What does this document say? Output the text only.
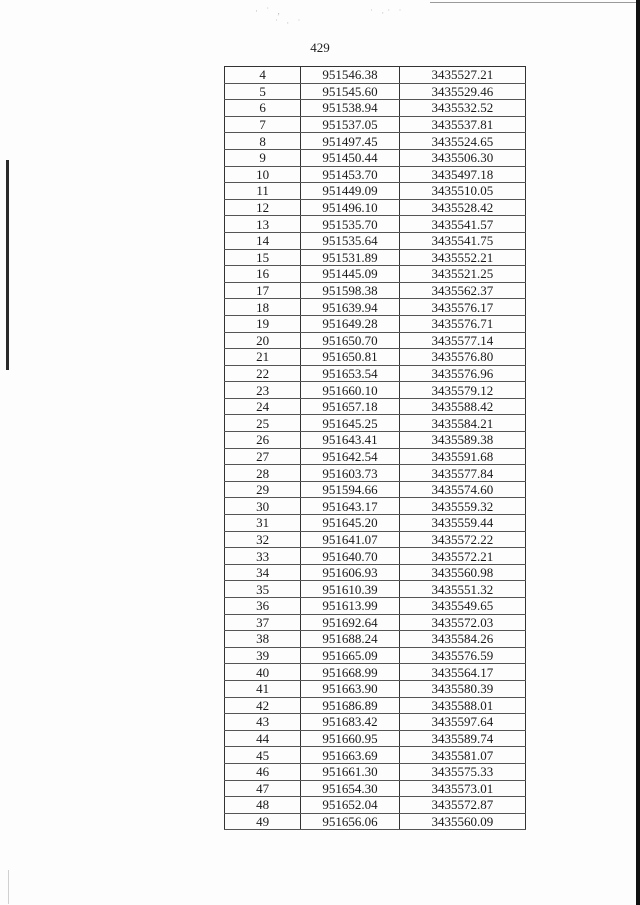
· ˙ ,
˙ · ˙
˙ ·˙ ˙
429
4	951546.38	3435527.21
5	951545.60	3435529.46
6	951538.94	3435532.52
7	951537.05	3435537.81
8	951497.45	3435524.65
9	951450.44	3435506.30
10	951453.70	3435497.18
11	951449.09	3435510.05
12	951496.10	3435528.42
13	951535.70	3435541.57
14	951535.64	3435541.75
15	951531.89	3435552.21
16	951445.09	3435521.25
17	951598.38	3435562.37
18	951639.94	3435576.17
19	951649.28	3435576.71
20	951650.70	3435577.14
21	951650.81	3435576.80
22	951653.54	3435576.96
23	951660.10	3435579.12
24	951657.18	3435588.42
25	951645.25	3435584.21
26	951643.41	3435589.38
27	951642.54	3435591.68
28	951603.73	3435577.84
29	951594.66	3435574.60
30	951643.17	3435559.32
31	951645.20	3435559.44
32	951641.07	3435572.22
33	951640.70	3435572.21
34	951606.93	3435560.98
35	951610.39	3435551.32
36	951613.99	3435549.65
37	951692.64	3435572.03
38	951688.24	3435584.26
39	951665.09	3435576.59
40	951668.99	3435564.17
41	951663.90	3435580.39
42	951686.89	3435588.01
43	951683.42	3435597.64
44	951660.95	3435589.74
45	951663.69	3435581.07
46	951661.30	3435575.33
47	951654.30	3435573.01
48	951652.04	3435572.87
49	951656.06	3435560.09
